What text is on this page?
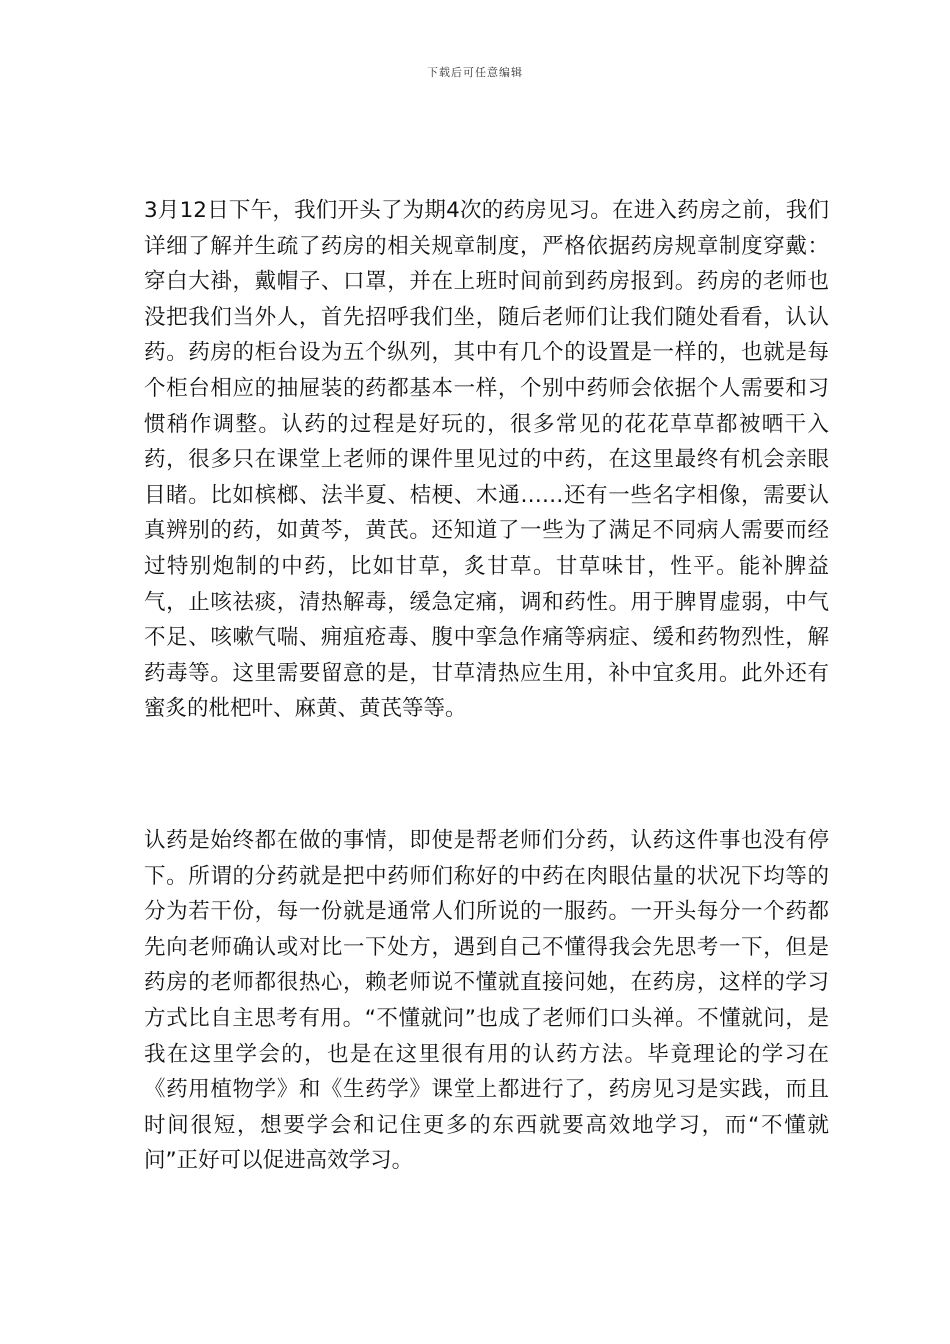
下载后可任意编辑

3月12日下午，我们开头了为期4次的药房见习。在进入药房之前，我们详细了解并生疏了药房的相关规章制度，严格依据药房规章制度穿戴：穿白大褂，戴帽子、口罩，并在上班时间前到药房报到。药房的老师也没把我们当外人，首先招呼我们坐，随后老师们让我们随处看看，认认药。药房的柜台设为五个纵列，其中有几个的设置是一样的，也就是每个柜台相应的抽屉装的药都基本一样，个别中药师会依据个人需要和习惯稍作调整。认药的过程是好玩的，很多常见的花花草草都被晒干入药，很多只在课堂上老师的课件里见过的中药，在这里最终有机会亲眼目睹。比如槟榔、法半夏、桔梗、木通……还有一些名字相像，需要认真辨别的药，如黄芩，黄芪。还知道了一些为了满足不同病人需要而经过特别炮制的中药，比如甘草，炙甘草。甘草味甘，性平。能补脾益气，止咳祛痰，清热解毒，缓急定痛，调和药性。用于脾胃虚弱，中气不足、咳嗽气喘、痈疽疮毒、腹中挛急作痛等病症、缓和药物烈性，解药毒等。这里需要留意的是，甘草清热应生用，补中宜炙用。此外还有蜜炙的枇杷叶、麻黄、黄芪等等。

认药是始终都在做的事情，即使是帮老师们分药，认药这件事也没有停下。所谓的分药就是把中药师们称好的中药在肉眼估量的状况下均等的分为若干份，每一份就是通常人们所说的一服药。一开头每分一个药都先向老师确认或对比一下处方，遇到自己不懂得我会先思考一下，但是药房的老师都很热心，赖老师说不懂就直接问她，在药房，这样的学习方式比自主思考有用。“不懂就问”也成了老师们口头禅。不懂就问，是我在这里学会的，也是在这里很有用的认药方法。毕竟理论的学习在《药用植物学》和《生药学》课堂上都进行了，药房见习是实践，而且时间很短，想要学会和记住更多的东西就要高效地学习，而“不懂就问”正好可以促进高效学习。
